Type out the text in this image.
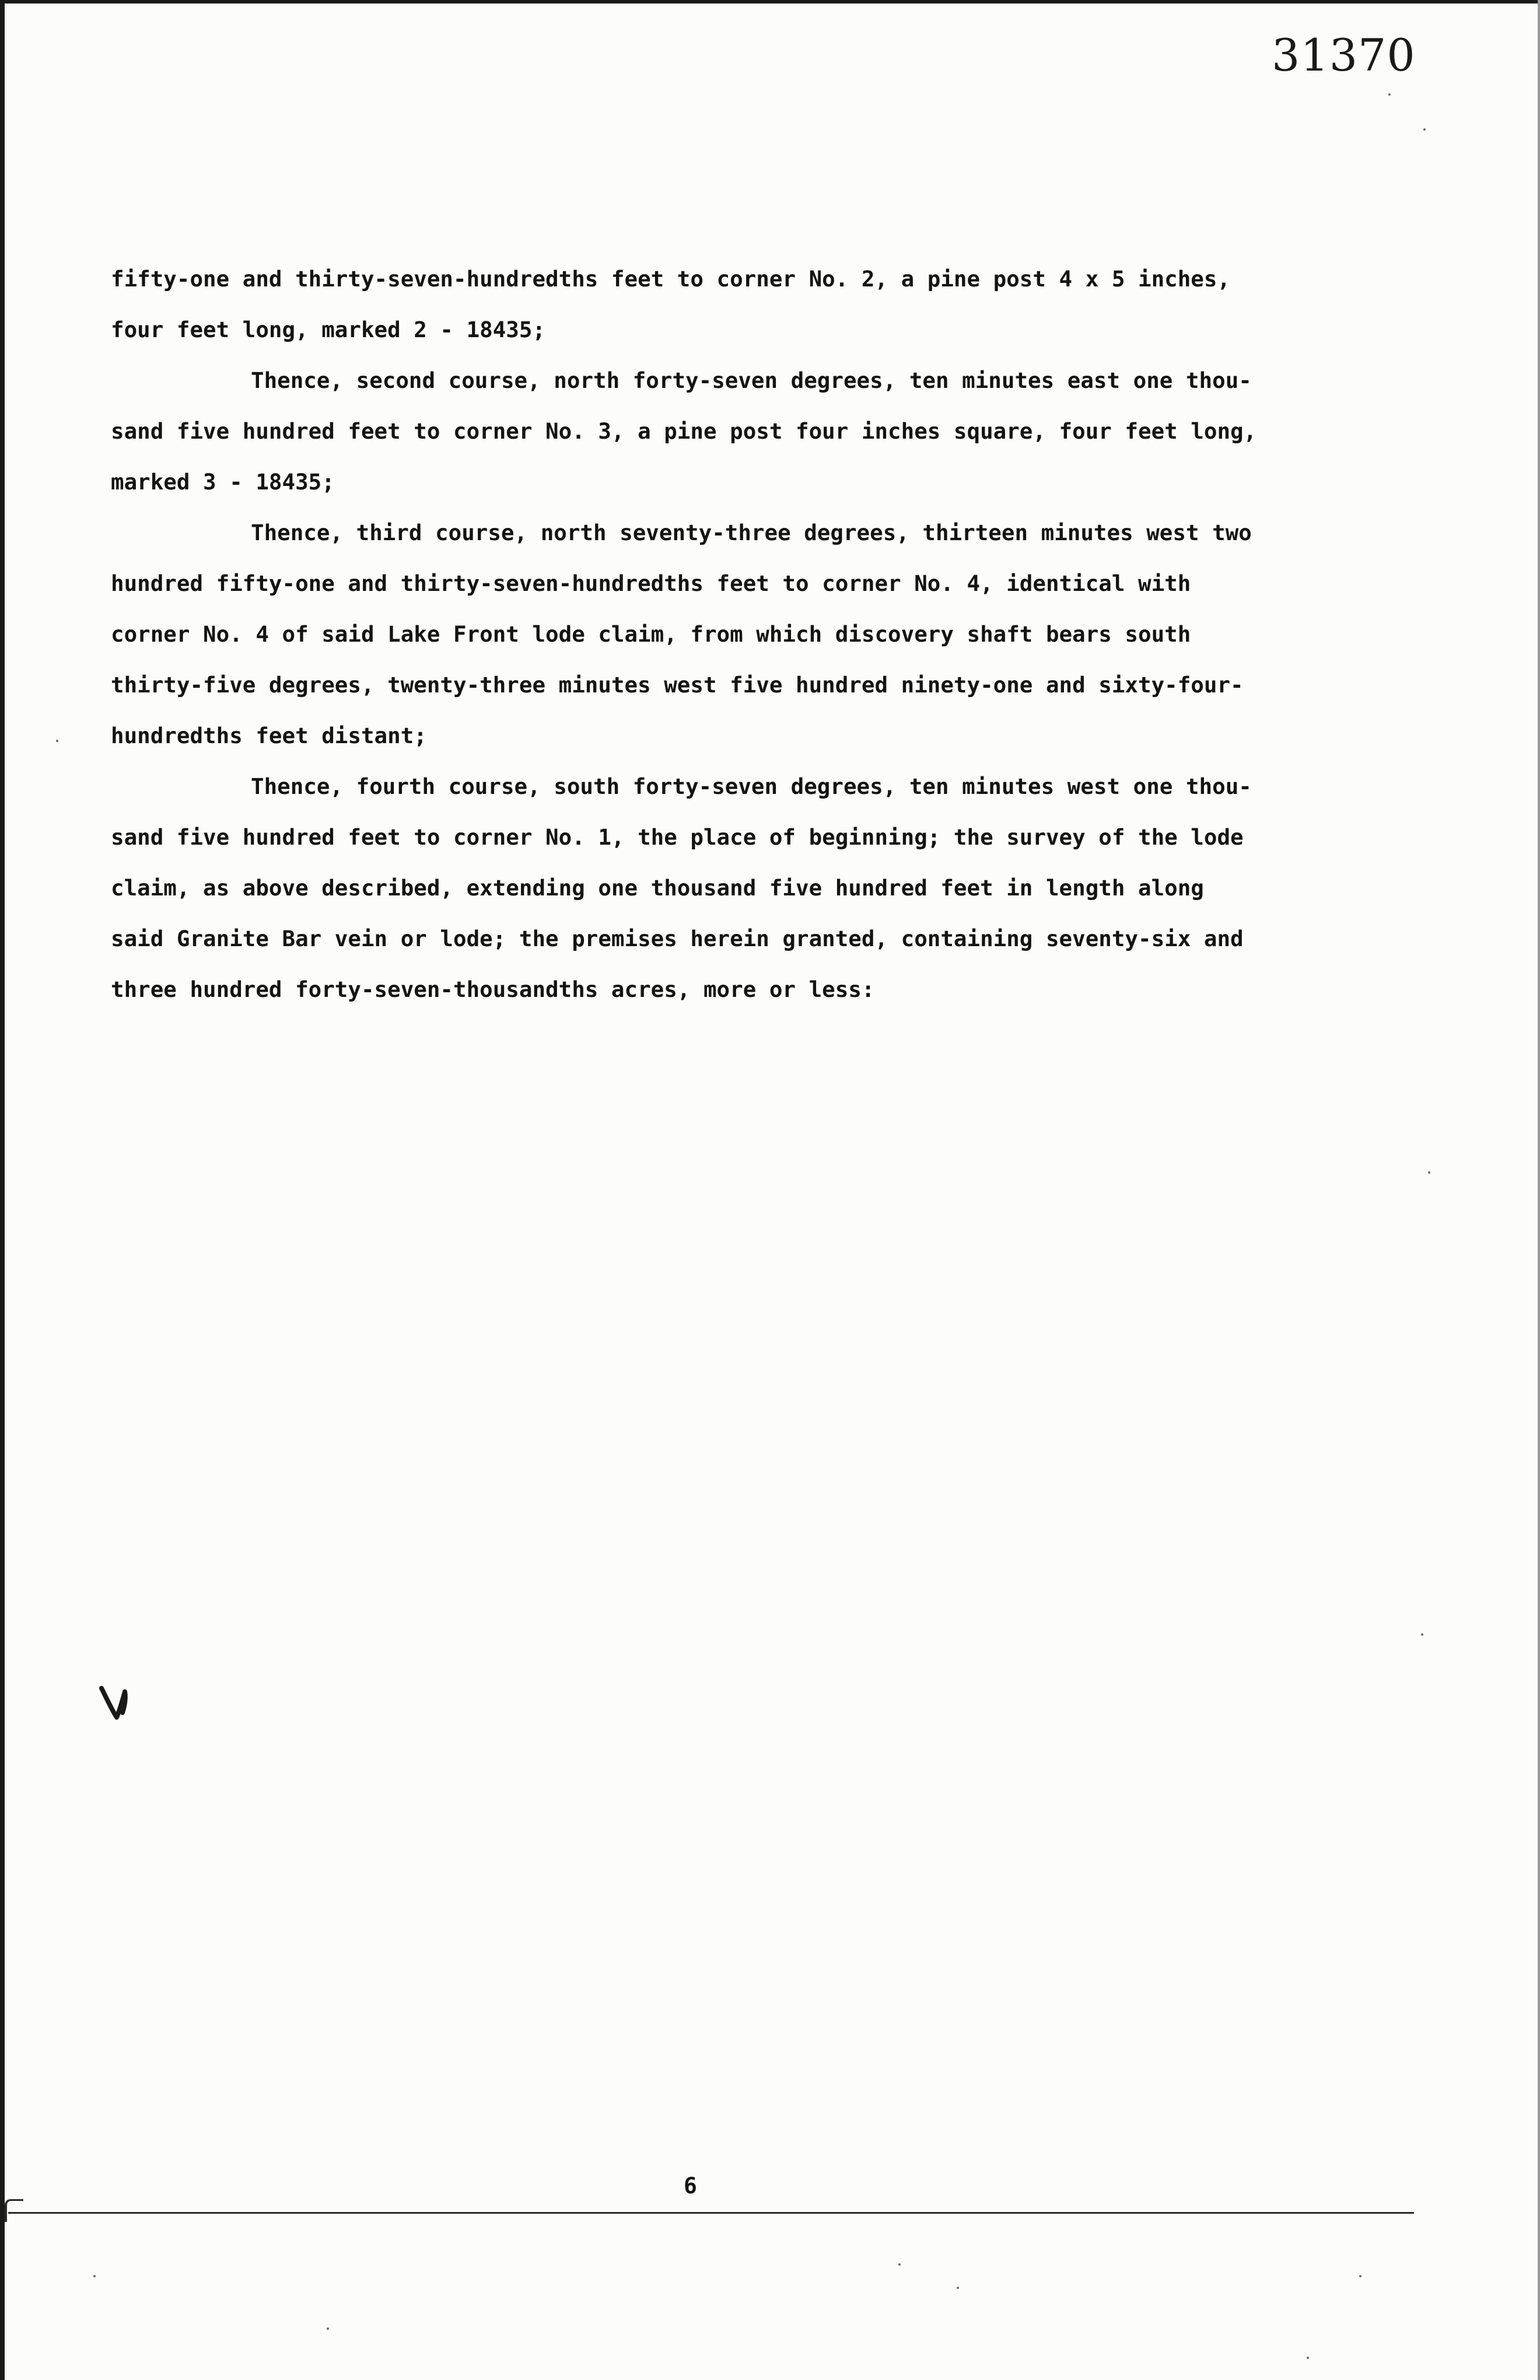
31370
fifty-one and thirty-seven-hundredths feet to corner No. 2, a pine post 4 x 5 inches,
four feet long, marked 2 - 18435;
Thence, second course, north forty-seven degrees, ten minutes east one thou-
sand five hundred feet to corner No. 3, a pine post four inches square, four feet long,
marked 3 - 18435;
Thence, third course, north seventy-three degrees, thirteen minutes west two
hundred fifty-one and thirty-seven-hundredths feet to corner No. 4, identical with
corner No. 4 of said Lake Front lode claim, from which discovery shaft bears south
thirty-five degrees, twenty-three minutes west five hundred ninety-one and sixty-four-
hundredths feet distant;
Thence, fourth course, south forty-seven degrees, ten minutes west one thou-
sand five hundred feet to corner No. 1, the place of beginning; the survey of the lode
claim, as above described, extending one thousand five hundred feet in length along
said Granite Bar vein or lode; the premises herein granted, containing seventy-six and
three hundred forty-seven-thousandths acres, more or less:
6
